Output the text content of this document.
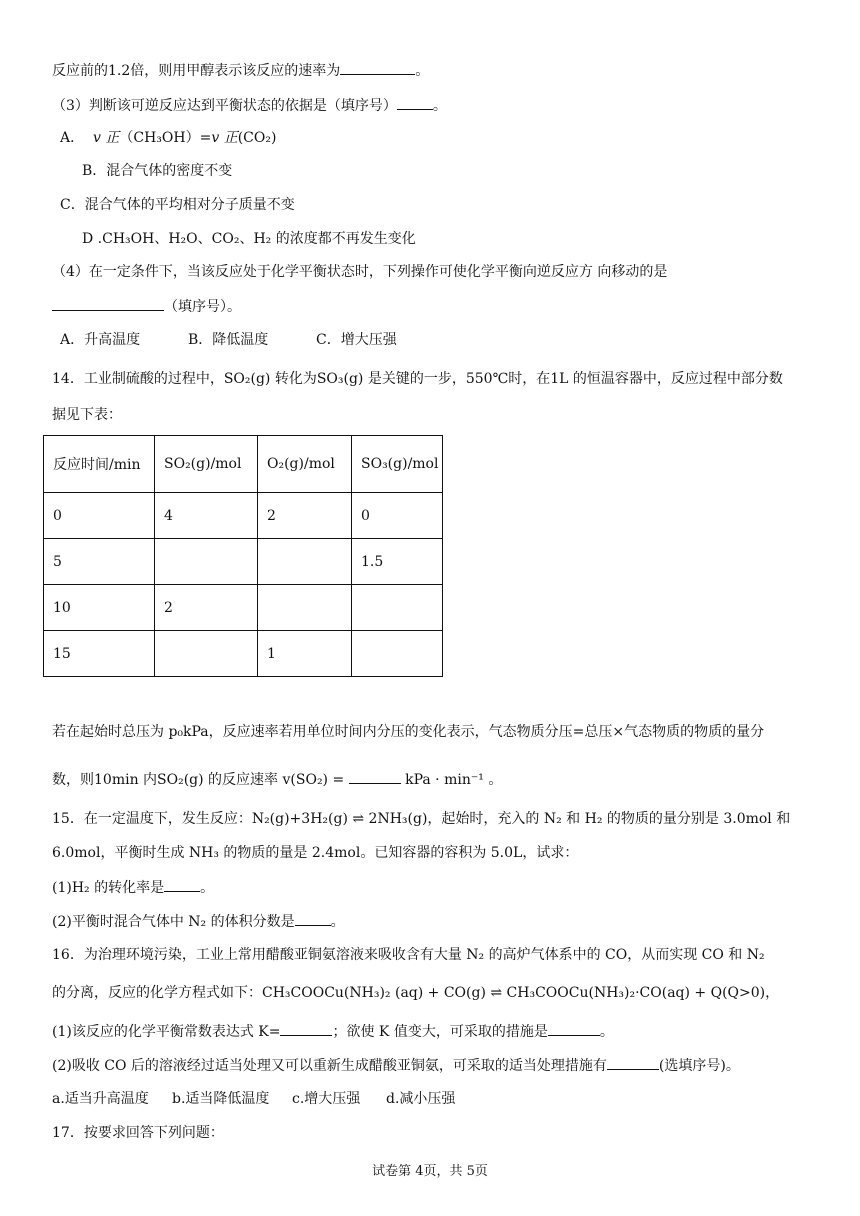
反应前的1.2倍，则用甲醇表示该反应的速率为	。
（3）判断该可逆反应达到平衡状态的依据是（填序号）	。
A． v 正（CH₃OH）=v 正(CO₂)
B．混合气体的密度不变
C．混合气体的平均相对分子质量不变
D .CH₃OH、H₂O、CO₂、H₂ 的浓度都不再发生变化
（4）在一定条件下，当该反应处于化学平衡状态时，下列操作可使化学平衡向逆反应方 向移动的是
（填序号）。
A．升高温度	B．降低温度	C．增大压强
14．工业制硫酸的过程中，SO₂(g) 转化为SO₃(g) 是关键的一步，550℃时，在1L 的恒温容器中，反应过程中部分数
据见下表：
反应时间/min	SO₂(g)/mol	O₂(g)/mol	SO₃(g)/mol
0	4	2	0
5			1.5
10	2		
15		1	
若在起始时总压为 p₀kPa，反应速率若用单位时间内分压的变化表示，气态物质分压=总压×气态物质的物质的量分
数，则10min 内SO₂(g) 的反应速率 v(SO₂) =	kPa · min⁻¹ 。
15．在一定温度下，发生反应：N₂(g)+3H₂(g) ⇌ 2NH₃(g)，起始时，充入的 N₂ 和 H₂ 的物质的量分别是 3.0mol 和
6.0mol，平衡时生成 NH₃ 的物质的量是 2.4mol。已知容器的容积为 5.0L，试求：
(1)H₂ 的转化率是	。
(2)平衡时混合气体中 N₂ 的体积分数是	。
16．为治理环境污染，工业上常用醋酸亚铜氨溶液来吸收含有大量 N₂ 的高炉气体系中的 CO，从而实现 CO 和 N₂
的分离，反应的化学方程式如下：CH₃COOCu(NH₃)₂ (aq) + CO(g) ⇌ CH₃COOCu(NH₃)₂·CO(aq) + Q(Q>0)，
(1)该反应的化学平衡常数表达式 K=	；欲使 K 值变大，可采取的措施是	。
(2)吸收 CO 后的溶液经过适当处理又可以重新生成醋酸亚铜氨，可采取的适当处理措施有	(选填序号)。
a.适当升高温度 b.适当降低温度 c.增大压强 d.减小压强
17．按要求回答下列问题：
试卷第 4页，共 5页
